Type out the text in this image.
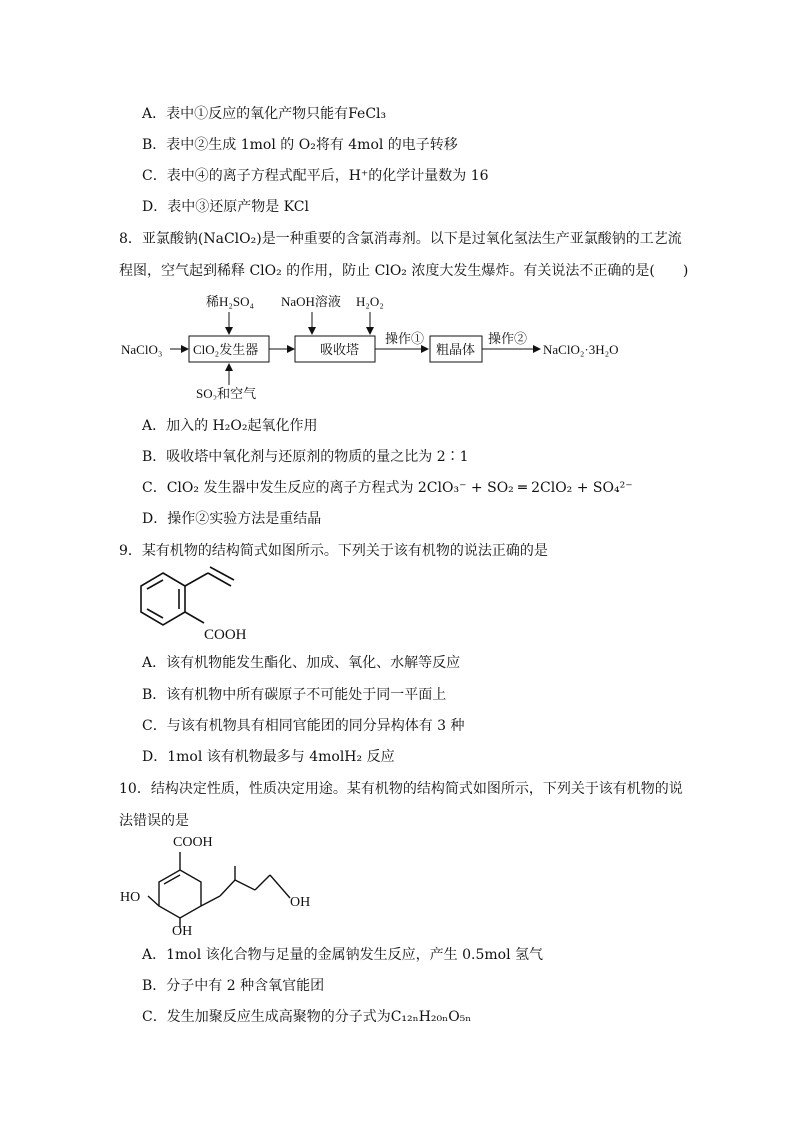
A．表中①反应的氧化产物只能有FeCl₃
B．表中②生成 1mol 的 O₂将有 4mol 的电子转移
C．表中④的离子方程式配平后，H⁺的化学计量数为 16
D．表中③还原产物是 KCl
8．亚氯酸钠(NaClO₂)是一种重要的含氯消毒剂。以下是过氧化氢法生产亚氯酸钠的工艺流
程图，空气起到稀释 ClO₂ 的作用，防止 ClO₂ 浓度大发生爆炸。有关说法不正确的是(　　)
稀H₂SO₄ NaOH溶液 H₂O₂
NaClO₃ ClO₂发生器	吸收塔
操作①
粗晶体
操作②
NaClO₂·3H₂O
SO₂和空气
A．加入的 H₂O₂起氧化作用
B．吸收塔中氧化剂与还原剂的物质的量之比为 2∶1
C．ClO₂ 发生器中发生反应的离子方程式为 2ClO₃⁻ + SO₂ ═ 2ClO₂ + SO₄²⁻
D．操作②实验方法是重结晶
9．某有机物的结构简式如图所示。下列关于该有机物的说法正确的是
COOH
A．该有机物能发生酯化、加成、氧化、水解等反应
B．该有机物中所有碳原子不可能处于同一平面上
C．与该有机物具有相同官能团的同分异构体有 3 种
D．1mol 该有机物最多与 4molH₂ 反应
10．结构决定性质，性质决定用途。某有机物的结构简式如图所示，下列关于该有机物的说
法错误的是
COOH
HO
OH
OH
A．1mol 该化合物与足量的金属钠发生反应，产生 0.5mol 氢气
B．分子中有 2 种含氧官能团
C．发生加聚反应生成高聚物的分子式为C₁₂ₙH₂₀ₙO₅ₙ
